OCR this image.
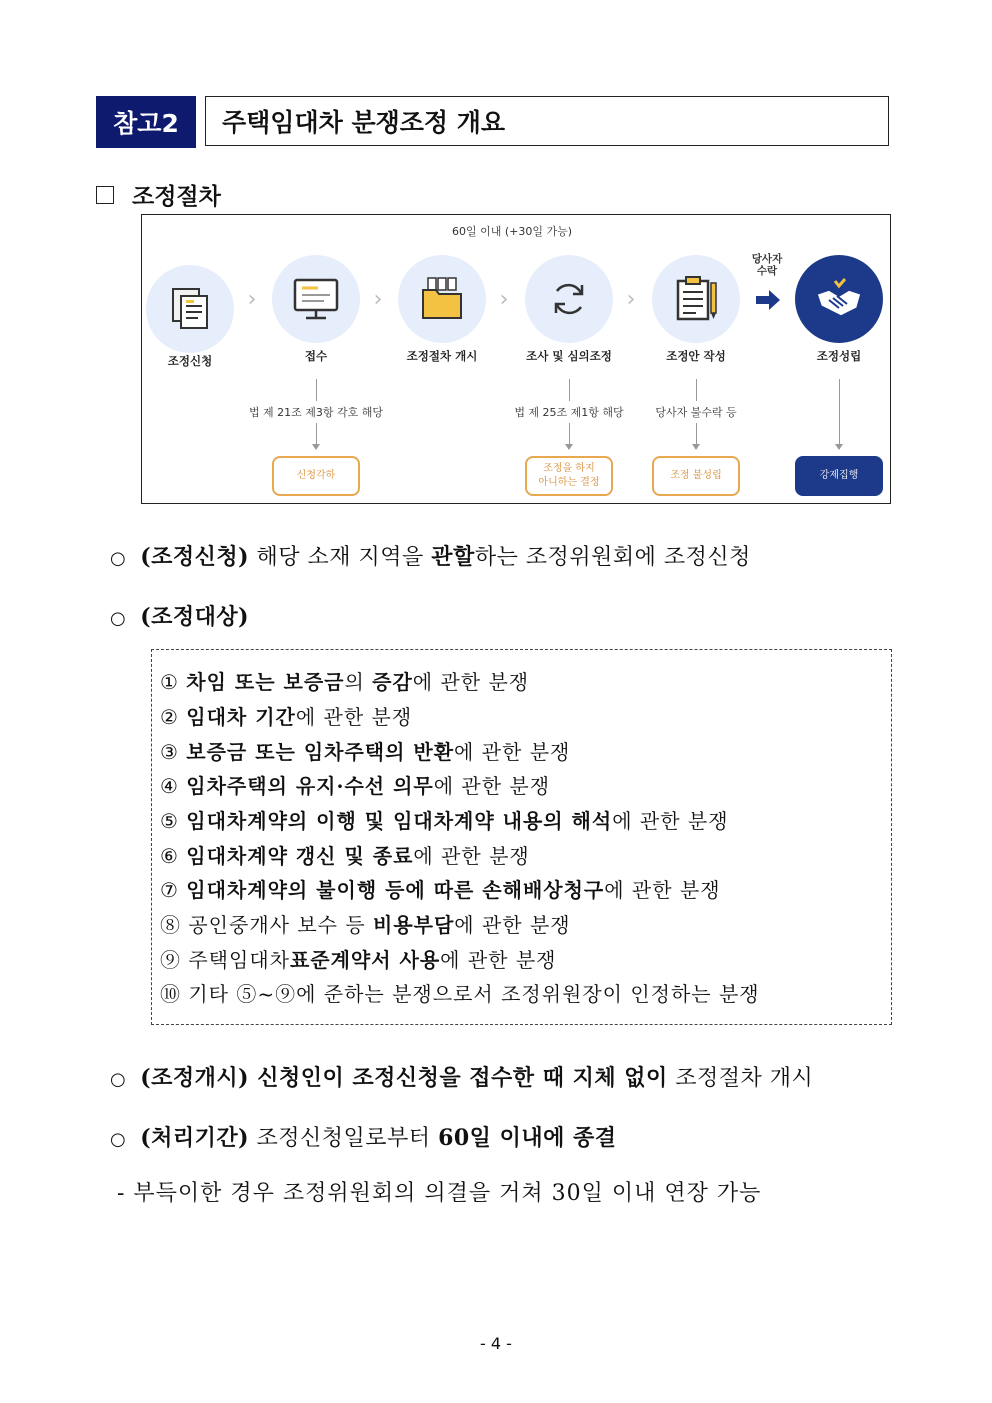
참고2	주택임대차 분쟁조정 개요
조정절차
60일 이내 (+30일 가능)
조정신청
›
접수
›
조정절차 개시
›
조사 및 심의조정
›
조정안 작성
당사자
수락
조정성립
법 제 21조 제3항 각호 해당
신청각하
법 제 25조 제1항 해당
조정을 하지
아니하는 결정
당사자 불수락 등
조정 불성립	강제집행
○ (조정신청) 해당 소재 지역을 관할하는 조정위원회에 조정신청
○ (조정대상)
① 차임 또는 보증금의 증감에 관한 분쟁
② 임대차 기간에 관한 분쟁
③ 보증금 또는 임차주택의 반환에 관한 분쟁
④ 임차주택의 유지·수선 의무에 관한 분쟁
⑤ 임대차계약의 이행 및 임대차계약 내용의 해석에 관한 분쟁
⑥ 임대차계약 갱신 및 종료에 관한 분쟁
⑦ 임대차계약의 불이행 등에 따른 손해배상청구에 관한 분쟁
⑧ 공인중개사 보수 등 비용부담에 관한 분쟁
⑨ 주택임대차표준계약서 사용에 관한 분쟁
⑩ 기타 ⑤~⑨에 준하는 분쟁으로서 조정위원장이 인정하는 분쟁
○ (조정개시) 신청인이 조정신청을 접수한 때 지체 없이 조정절차 개시
○ (처리기간) 조정신청일로부터 60일 이내에 종결
- 부득이한 경우 조정위원회의 의결을 거쳐 30일 이내 연장 가능
- 4 -
